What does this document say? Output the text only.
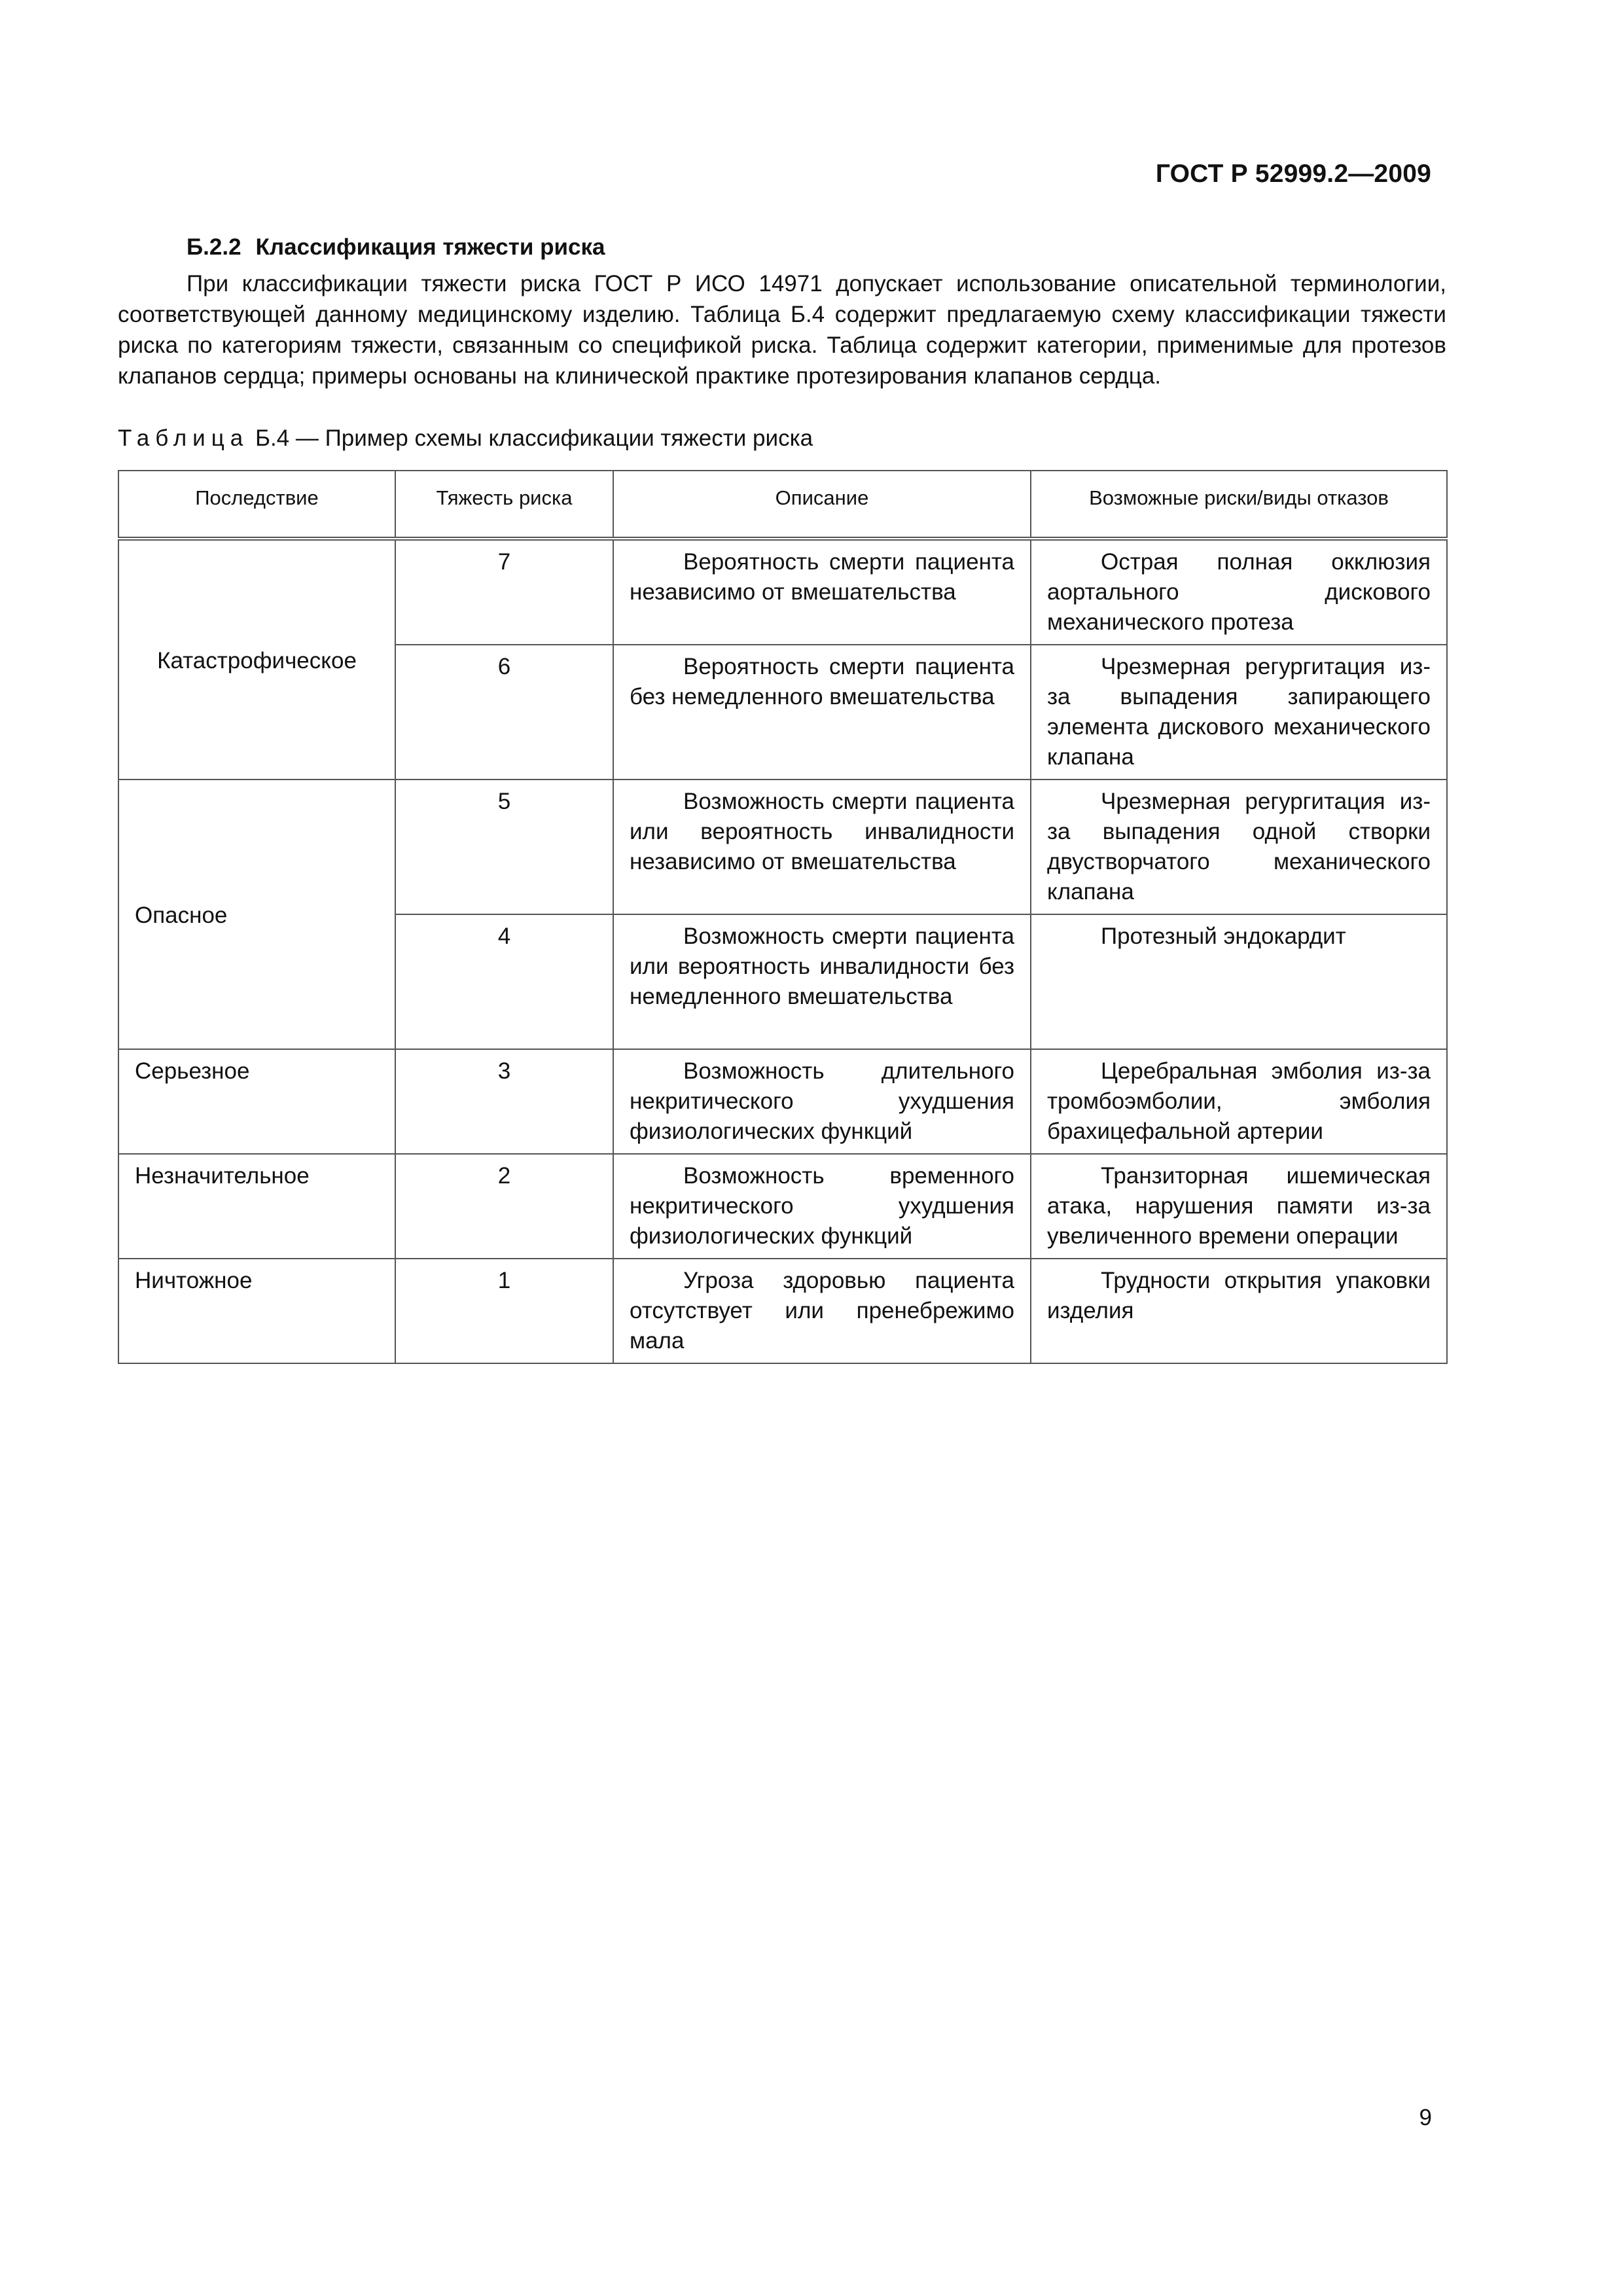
ГОСТ Р 52999.2—2009
Б.2.2 Классификация тяжести риска

При классификации тяжести риска ГОСТ Р ИСО 14971 допускает использование описательной терминологии, соответствующей данному медицинскому изделию. Таблица Б.4 содержит предлагаемую схему классификации тяжести риска по категориям тяжести, связанным со спецификой риска. Таблица содержит категории, применимые для протезов клапанов сердца; примеры основаны на клинической практике протезирования клапанов сердца.

Таблица Б.4 — Пример схемы классификации тяжести риска
Последствие	Тяжесть риска	Описание	Возможные риски/виды отказов
Катастрофическое	7	Вероятность смерти пациента независимо от вмешательства	Острая полная окклюзия аортального дискового механического протеза
	6	Вероятность смерти пациента без немедленного вмешательства	Чрезмерная регургитация из-за выпадения запирающего элемента дискового механического клапана
Опасное	5	Возможность смерти пациента или вероятность инвалидности независимо от вмешательства	Чрезмерная регургитация из-за выпадения одной створки двустворчатого механического клапана
	4	Возможность смерти пациента или вероятность инвалидности без немедленного вмешательства	Протезный эндокардит
Серьезное	3	Возможность длительного некритического ухудшения физиологических функций	Церебральная эмболия из-за тромбоэмболии, эмболия брахицефальной артерии
Незначительное	2	Возможность временного некритического ухудшения физиологических функций	Транзиторная ишемическая атака, нарушения памяти из-за увеличенного времени операции
Ничтожное	1	Угроза здоровью пациента отсутствует или пренебрежимо мала	Трудности открытия упаковки изделия
9
